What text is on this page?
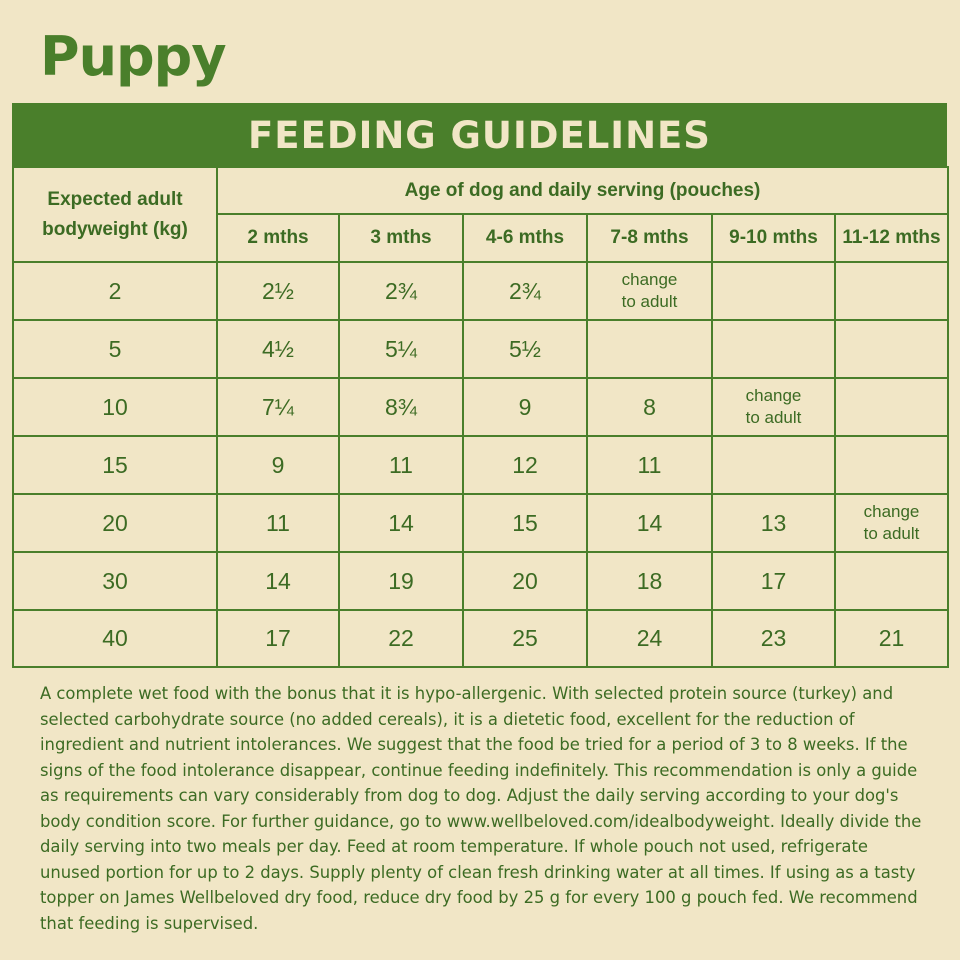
Puppy
FEEDING GUIDELINES
Expected adult bodyweight (kg)	Age of dog and daily serving (pouches)					
	2 mths	3 mths	4-6 mths	7-8 mths	9-10 mths	11-12 mths
2	2½	2¾	2¾	change
to adult		
5	4½	5¼	5½			
10	7¼	8¾	9	8	change
to adult	
15	9	11	12	11		
20	11	14	15	14	13	change
to adult
30	14	19	20	18	17	
40	17	22	25	24	23	21
A complete wet food with the bonus that it is hypo-allergenic. With selected protein source (turkey) and selected carbohydrate source (no added cereals), it is a dietetic food, excellent for the reduction of ingredient and nutrient intolerances. We suggest that the food be tried for a period of 3 to 8 weeks. If the signs of the food intolerance disappear, continue feeding indefinitely. This recommendation is only a guide as requirements can vary considerably from dog to dog. Adjust the daily serving according to your dog's body condition score. For further guidance, go to www.wellbeloved.com/idealbodyweight. Ideally divide the daily serving into two meals per day. Feed at room temperature. If whole pouch not used, refrigerate unused portion for up to 2 days. Supply plenty of clean fresh drinking water at all times. If using as a tasty topper on James Wellbeloved dry food, reduce dry food by 25 g for every 100 g pouch fed. We recommend that feeding is supervised.
